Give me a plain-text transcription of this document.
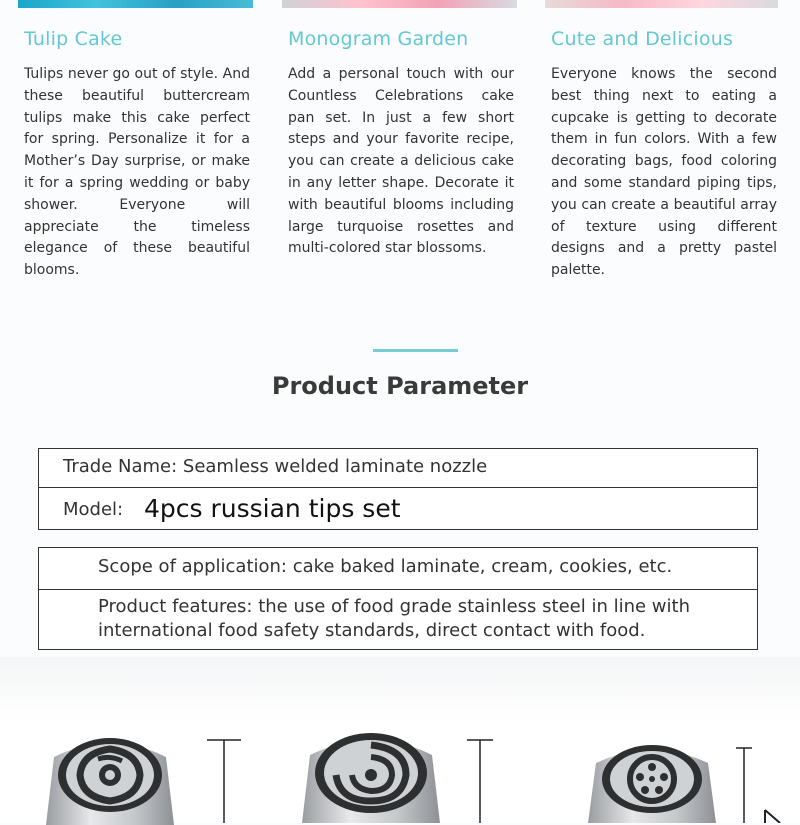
Tulip Cake

Tulips never go out of style. And these beautiful buttercream tulips make this cake perfect for spring. Personalize it for a Mother’s Day surprise, or make it for a spring wedding or baby shower. Everyone will appreciate the timeless elegance of these beautiful blooms.

Monogram Garden

Add a personal touch with our Countless Celebrations cake pan set. In just a few short steps and your favorite recipe, you can create a delicious cake in any letter shape. Decorate it with beautiful blooms including large turquoise rosettes and multi-colored star blossoms.

Cute and Delicious

Everyone knows the second best thing next to eating a cupcake is getting to decorate them in fun colors. With a few decorating bags, food coloring and some standard piping tips, you can create a beautiful array of texture using different designs and a pretty pastel palette.

Product Parameter
Trade Name: Seamless welded laminate nozzle
Model: 4pcs russian tips set
Scope of application: cake baked laminate, cream, cookies, etc.
Product features: the use of food grade stainless steel in line with
international food safety standards, direct contact with food.
